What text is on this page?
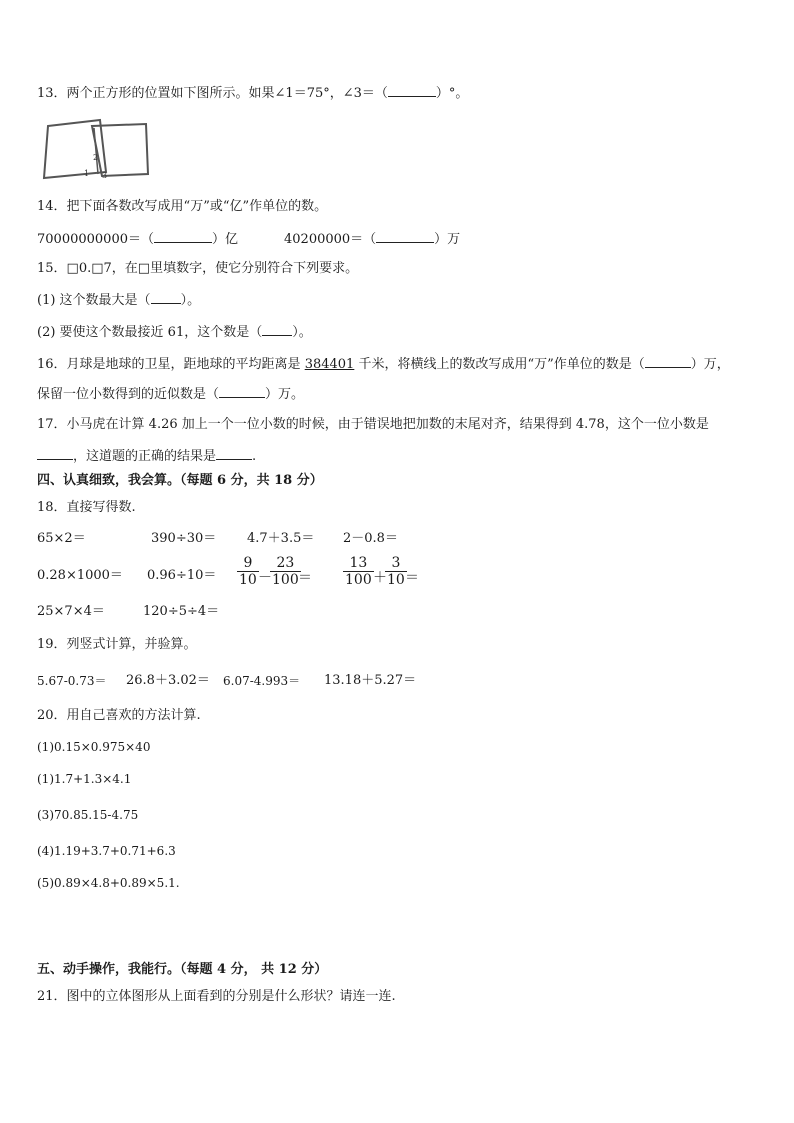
13．两个正方形的位置如下图所示。如果∠1＝75°，∠3＝（	）°。
1
2
3
14．把下面各数改写成用“万”或“亿”作单位的数。
70000000000＝（	）亿	40200000＝（	）万
15．□0.□7，在□里填数字，使它分别符合下列要求。
(1) 这个数最大是（ ）。
(2) 要使这个数最接近 61，这个数是（ ）。
16．月球是地球的卫星，距地球的平均距离是 384401 千米，将横线上的数改写成用“万”作单位的数是（	）万，
保留一位小数得到的近似数是（	）万。
17．小马虎在计算 4.26 加上一个一位小数的时候，由于错误地把加数的末尾对齐，结果得到 4.78，这个一位小数是
，这道题的正确的结果是	.
四、认真细致，我会算。（每题 6 分，共 18 分）
18．直接写得数.
65×2＝	390÷30＝ 4.7＋3.5＝ 2－0.8＝
0.28×1000＝ 0.96÷10＝
9
10 －
23
100 ＝
13
100 ＋
3
10 ＝
25×7×4＝	120÷5÷4＝
19．列竖式计算，并验算。
5.67-0.73＝ 26.8＋3.02＝ 6.07-4.993＝ 13.18＋5.27＝
20．用自己喜欢的方法计算.
(1)0.15×0.975×40
(1)1.7+1.3×4.1
(3)70.85.15-4.75
(4)1.19+3.7+0.71+6.3
(5)0.89×4.8+0.89×5.1.
五、动手操作，我能行。（每题 4 分， 共 12 分）
21．图中的立体图形从上面看到的分别是什么形状？请连一连.
